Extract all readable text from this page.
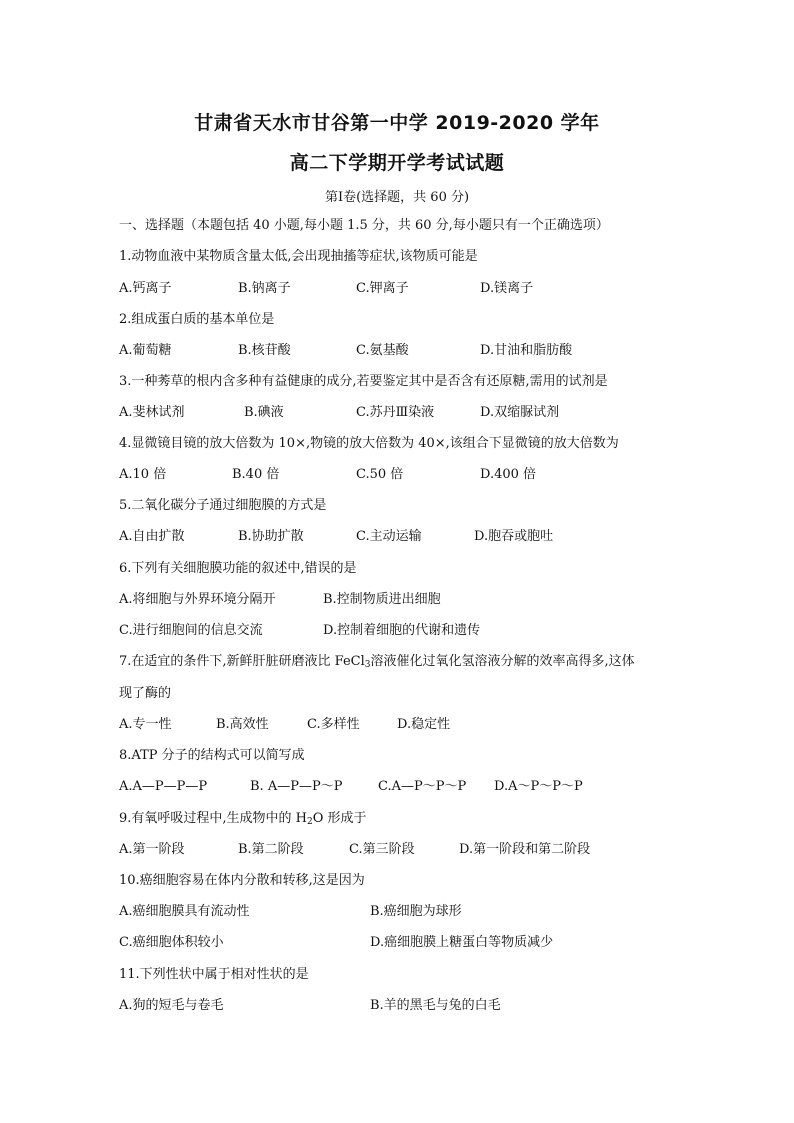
甘肃省天水市甘谷第一中学 2019-2020 学年
高二下学期开学考试试题
第Ⅰ卷(选择题，共 60 分)
一、选择题（本题包括 40 小题,每小题 1.5 分，共 60 分,每小题只有一个正确选项）
1.动物血液中某物质含量太低,会出现抽搐等症状,该物质可能是
A.钙离子	B.钠离子	C.钾离子	D.镁离子
2.组成蛋白质的基本单位是
A.葡萄糖	B.核苷酸	C.氨基酸	D.甘油和脂肪酸
3.一种莠草的根内含多种有益健康的成分,若要鉴定其中是否含有还原糖,需用的试剂是
A.斐林试剂	B.碘液	C.苏丹Ⅲ染液	D.双缩脲试剂
4.显微镜目镜的放大倍数为 10×,物镜的放大倍数为 40×,该组合下显微镜的放大倍数为
A.10 倍	B.40 倍	C.50 倍	D.400 倍
5.二氧化碳分子通过细胞膜的方式是
A.自由扩散	B.协助扩散	C.主动运输	D.胞吞或胞吐
6.下列有关细胞膜功能的叙述中,错误的是
A.将细胞与外界环境分隔开	B.控制物质进出细胞
C.进行细胞间的信息交流	D.控制着细胞的代谢和遗传
7.在适宜的条件下,新鲜肝脏研磨液比 FeCl$_3$溶液催化过氧化氢溶液分解的效率高得多,这体
现了酶的
A.专一性	B.高效性	C.多样性	D.稳定性
8.ATP 分子的结构式可以简写成
A.A—P—P—P	B. A—P—P～P	C.A—P～P～P D.A～P～P～P
9.有氧呼吸过程中,生成物中的 $H_2O$ 形成于
A.第一阶段	B.第二阶段	C.第三阶段	D.第一阶段和第二阶段
10.癌细胞容易在体内分散和转移,这是因为
A.癌细胞膜具有流动性	B.癌细胞为球形
C.癌细胞体积较小	D.癌细胞膜上糖蛋白等物质减少
11.下列性状中属于相对性状的是
A.狗的短毛与卷毛	B.羊的黑毛与兔的白毛
